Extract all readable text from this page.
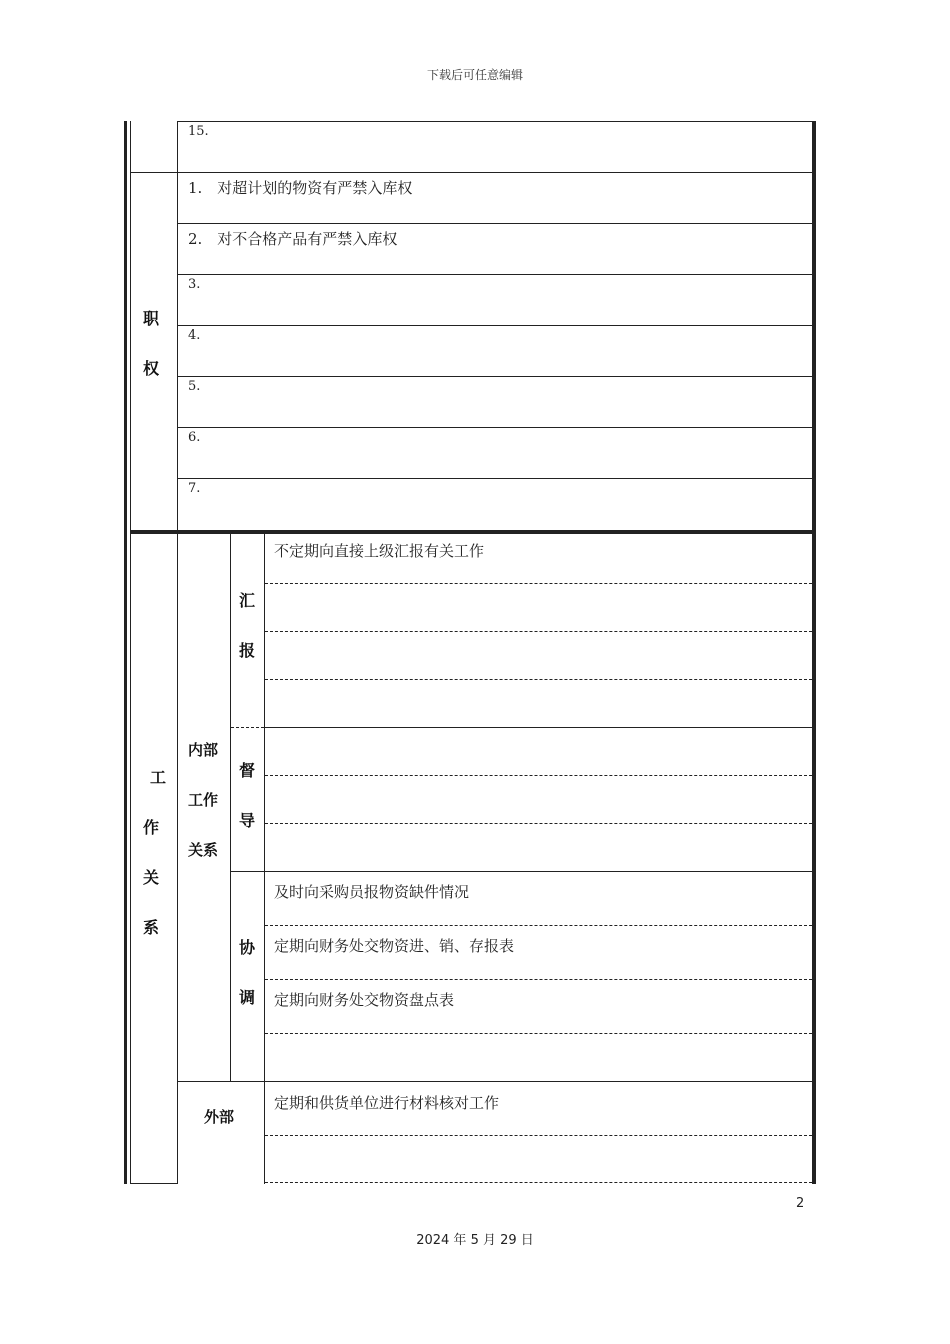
下载后可任意编辑
15.
职
权
1.　对超计划的物资有严禁入库权
2.　对不合格产品有严禁入库权
3.
4.
5.
6.
7.
工
作
关
系
内部
工作
关系
汇
报
不定期向直接上级汇报有关工作
督
导
协
调
及时向采购员报物资缺件情况
定期向财务处交物资进、销、存报表
定期向财务处交物资盘点表
外部
定期和供货单位进行材料核对工作
2
2024 年 5 月 29 日
